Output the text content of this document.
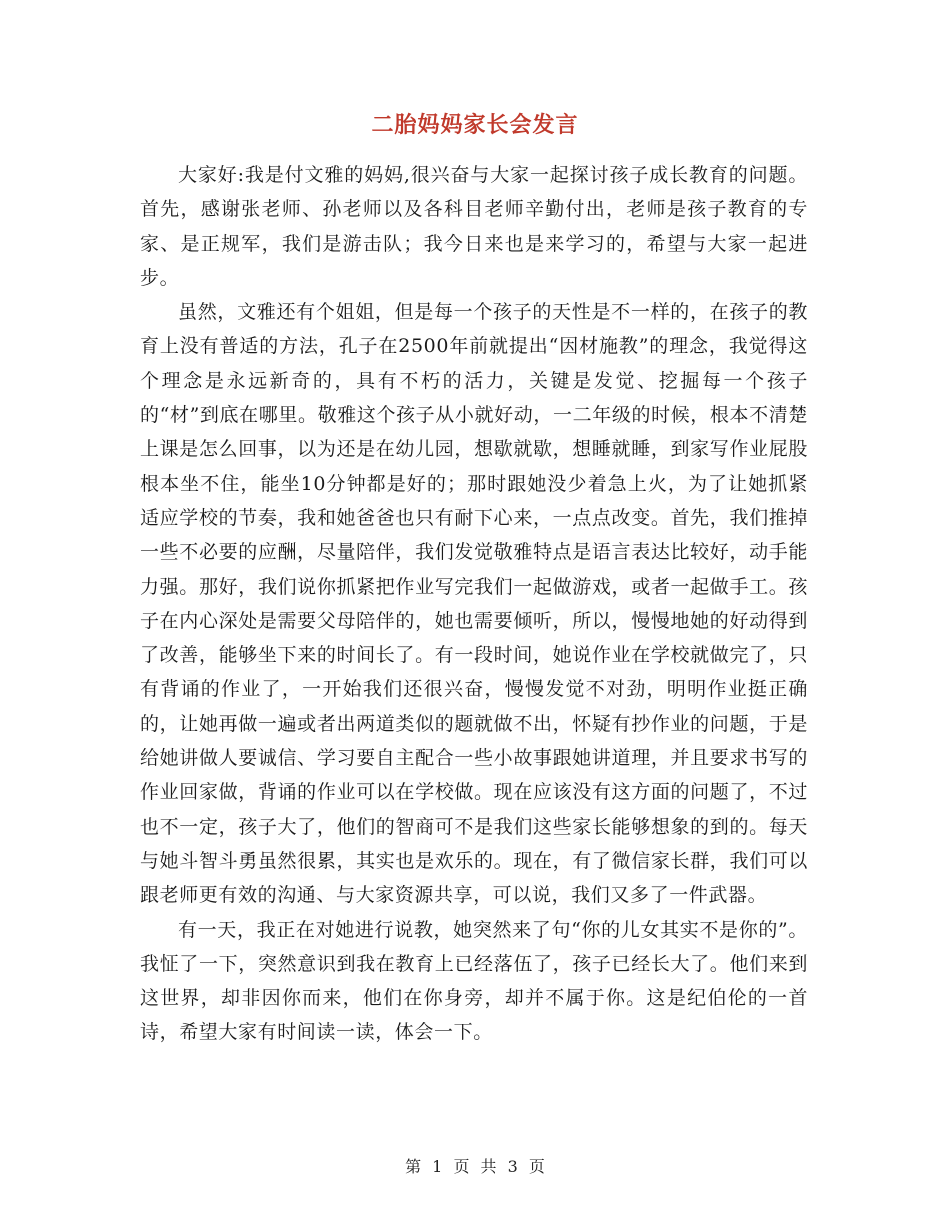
二胎妈妈家长会发言

大家好:我是付文雅的妈妈,很兴奋与大家一起探讨孩子成长教育的问题。首先，感谢张老师、孙老师以及各科目老师辛勤付出，老师是孩子教育的专家、是正规军，我们是游击队；我今日来也是来学习的，希望与大家一起进步。

虽然，文雅还有个姐姐，但是每一个孩子的天性是不一样的，在孩子的教育上没有普适的方法，孔子在2500年前就提出“因材施教”的理念，我觉得这个理念是永远新奇的，具有不朽的活力，关键是发觉、挖掘每一个孩子的“材”到底在哪里。敬雅这个孩子从小就好动，一二年级的时候，根本不清楚上课是怎么回事，以为还是在幼儿园，想歇就歇，想睡就睡，到家写作业屁股根本坐不住，能坐10分钟都是好的；那时跟她没少着急上火，为了让她抓紧适应学校的节奏，我和她爸爸也只有耐下心来，一点点改变。首先，我们推掉一些不必要的应酬，尽量陪伴，我们发觉敬雅特点是语言表达比较好，动手能力强。那好，我们说你抓紧把作业写完我们一起做游戏，或者一起做手工。孩子在内心深处是需要父母陪伴的，她也需要倾听，所以，慢慢地她的好动得到了改善，能够坐下来的时间长了。有一段时间，她说作业在学校就做完了，只有背诵的作业了，一开始我们还很兴奋，慢慢发觉不对劲，明明作业挺正确的，让她再做一遍或者出两道类似的题就做不出，怀疑有抄作业的问题，于是给她讲做人要诚信、学习要自主配合一些小故事跟她讲道理，并且要求书写的作业回家做，背诵的作业可以在学校做。现在应该没有这方面的问题了，不过也不一定，孩子大了，他们的智商可不是我们这些家长能够想象的到的。每天与她斗智斗勇虽然很累，其实也是欢乐的。现在，有了微信家长群，我们可以跟老师更有效的沟通、与大家资源共享，可以说，我们又多了一件武器。

有一天，我正在对她进行说教，她突然来了句“你的儿女其实不是你的”。我怔了一下，突然意识到我在教育上已经落伍了，孩子已经长大了。他们来到这世界，却非因你而来，他们在你身旁，却并不属于你。这是纪伯伦的一首诗，希望大家有时间读一读，体会一下。

第 1 页 共 3 页
